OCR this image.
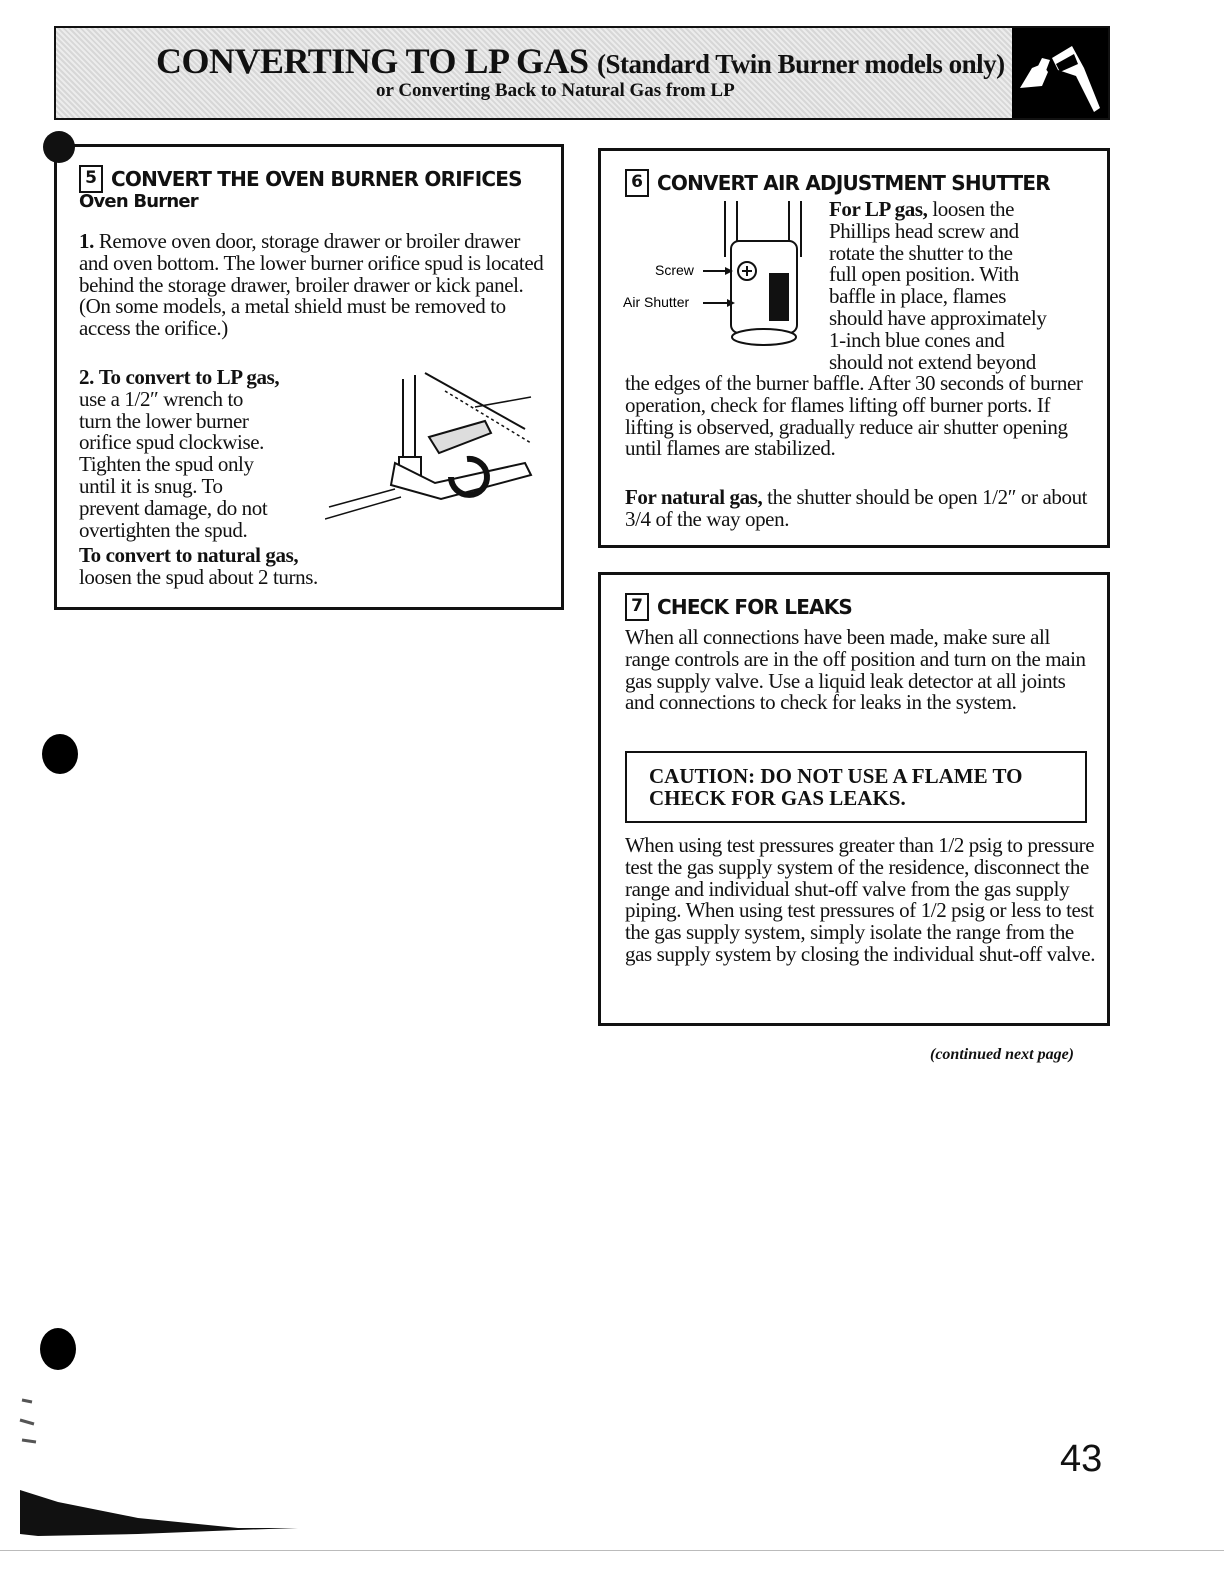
CONVERTING TO LP GAS (Standard Twin Burner models only)
or Converting Back to Natural Gas from LP
5 CONVERT THE OVEN BURNER ORIFICES
Oven Burner

1. Remove oven door, storage drawer or broiler drawer and oven bottom. The lower burner orifice spud is located behind the storage drawer, broiler drawer or kick panel. (On some models, a metal shield must be removed to access the orifice.)

2. To convert to LP gas,

use a 1/2″ wrench to

turn the lower burner

orifice spud clockwise.

Tighten the spud only

until it is snug. To

prevent damage, do not

overtighten the spud.

To convert to natural gas,

loosen the spud about 2 turns.

6 CONVERT AIR ADJUSTMENT SHUTTER
Screw
Air Shutter

For LP gas, loosen the

Phillips head screw and

rotate the shutter to the

full open position. With

baffle in place, flames

should have approximately

1-inch blue cones and

should not extend beyond

the edges of the burner baffle. After 30 seconds of burner operation, check for flames lifting off burner ports. If lifting is observed, gradually reduce air shutter opening until flames are stabilized.

For natural gas, the shutter should be open 1/2″ or about 3/4 of the way open.

7 CHECK FOR LEAKS
When all connections have been made, make sure all range controls are in the off position and turn on the main gas supply valve. Use a liquid leak detector at all joints and connections to check for leaks in the system.
CAUTION: DO NOT USE A FLAME TO CHECK FOR GAS LEAKS.
When using test pressures greater than 1/2 psig to pressure test the gas supply system of the residence, disconnect the range and individual shut-off valve from the gas supply piping. When using test pressures of 1/2 psig or less to test the gas supply system, simply isolate the range from the gas supply system by closing the individual shut-off valve.
(continued next page)
43
